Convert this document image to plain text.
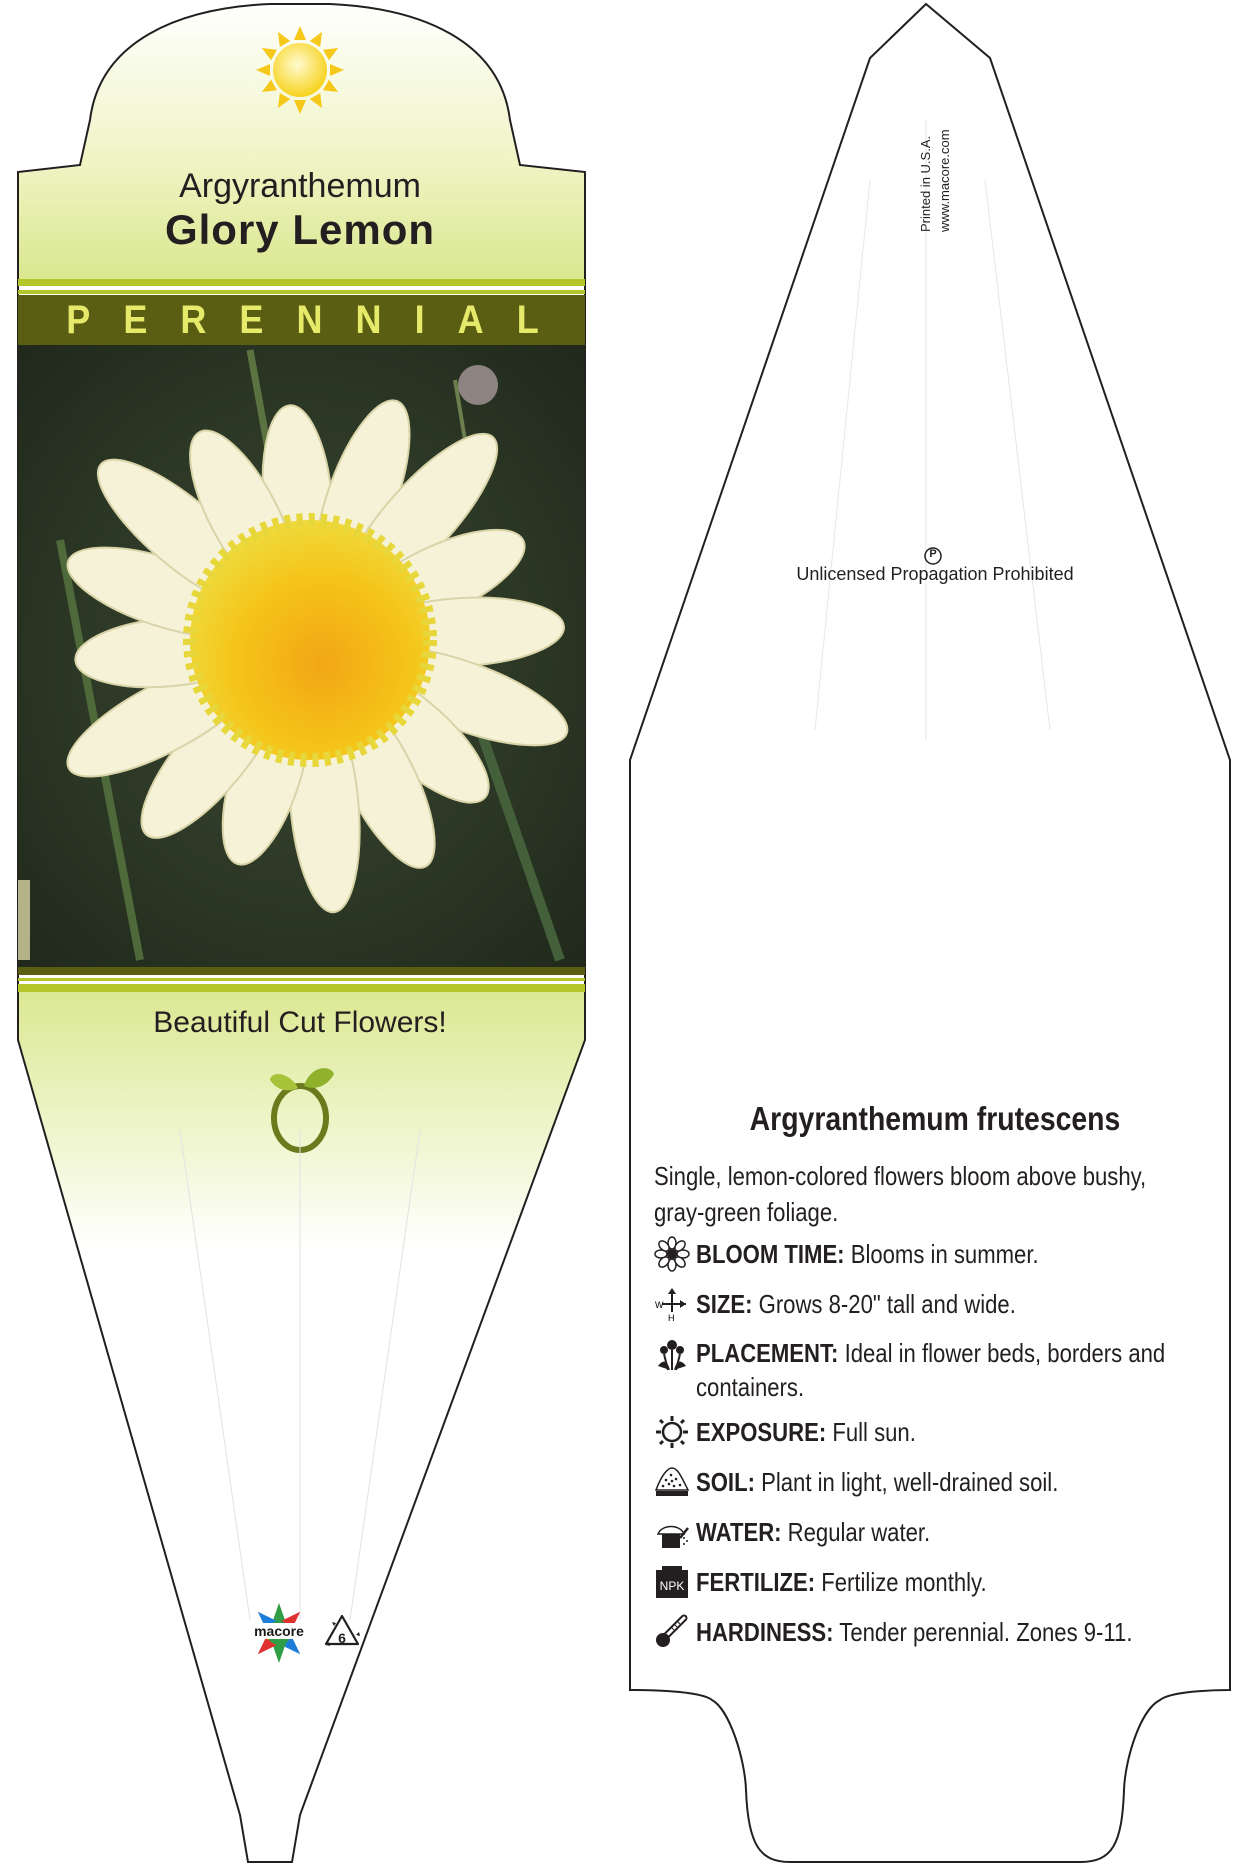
Argyranthemum
Glory Lemon
P E R E N N I A L
Beautiful Cut Flowers!
macore	6
Printed in U.S.A. www.macore.com
P
Unlicensed Propagation Prohibited
Argyranthemum frutescens
Single, lemon-colored flowers bloom above bushy, gray-green foliage.
BLOOM TIME: Blooms in summer.
W
H SIZE: Grows 8-20" tall and wide.
PLACEMENT: Ideal in flower beds, borders and containers.
EXPOSURE: Full sun.
SOIL: Plant in light, well-drained soil.
WATER: Regular water.
NPK FERTILIZE: Fertilize monthly.
HARDINESS: Tender perennial. Zones 9-11.
